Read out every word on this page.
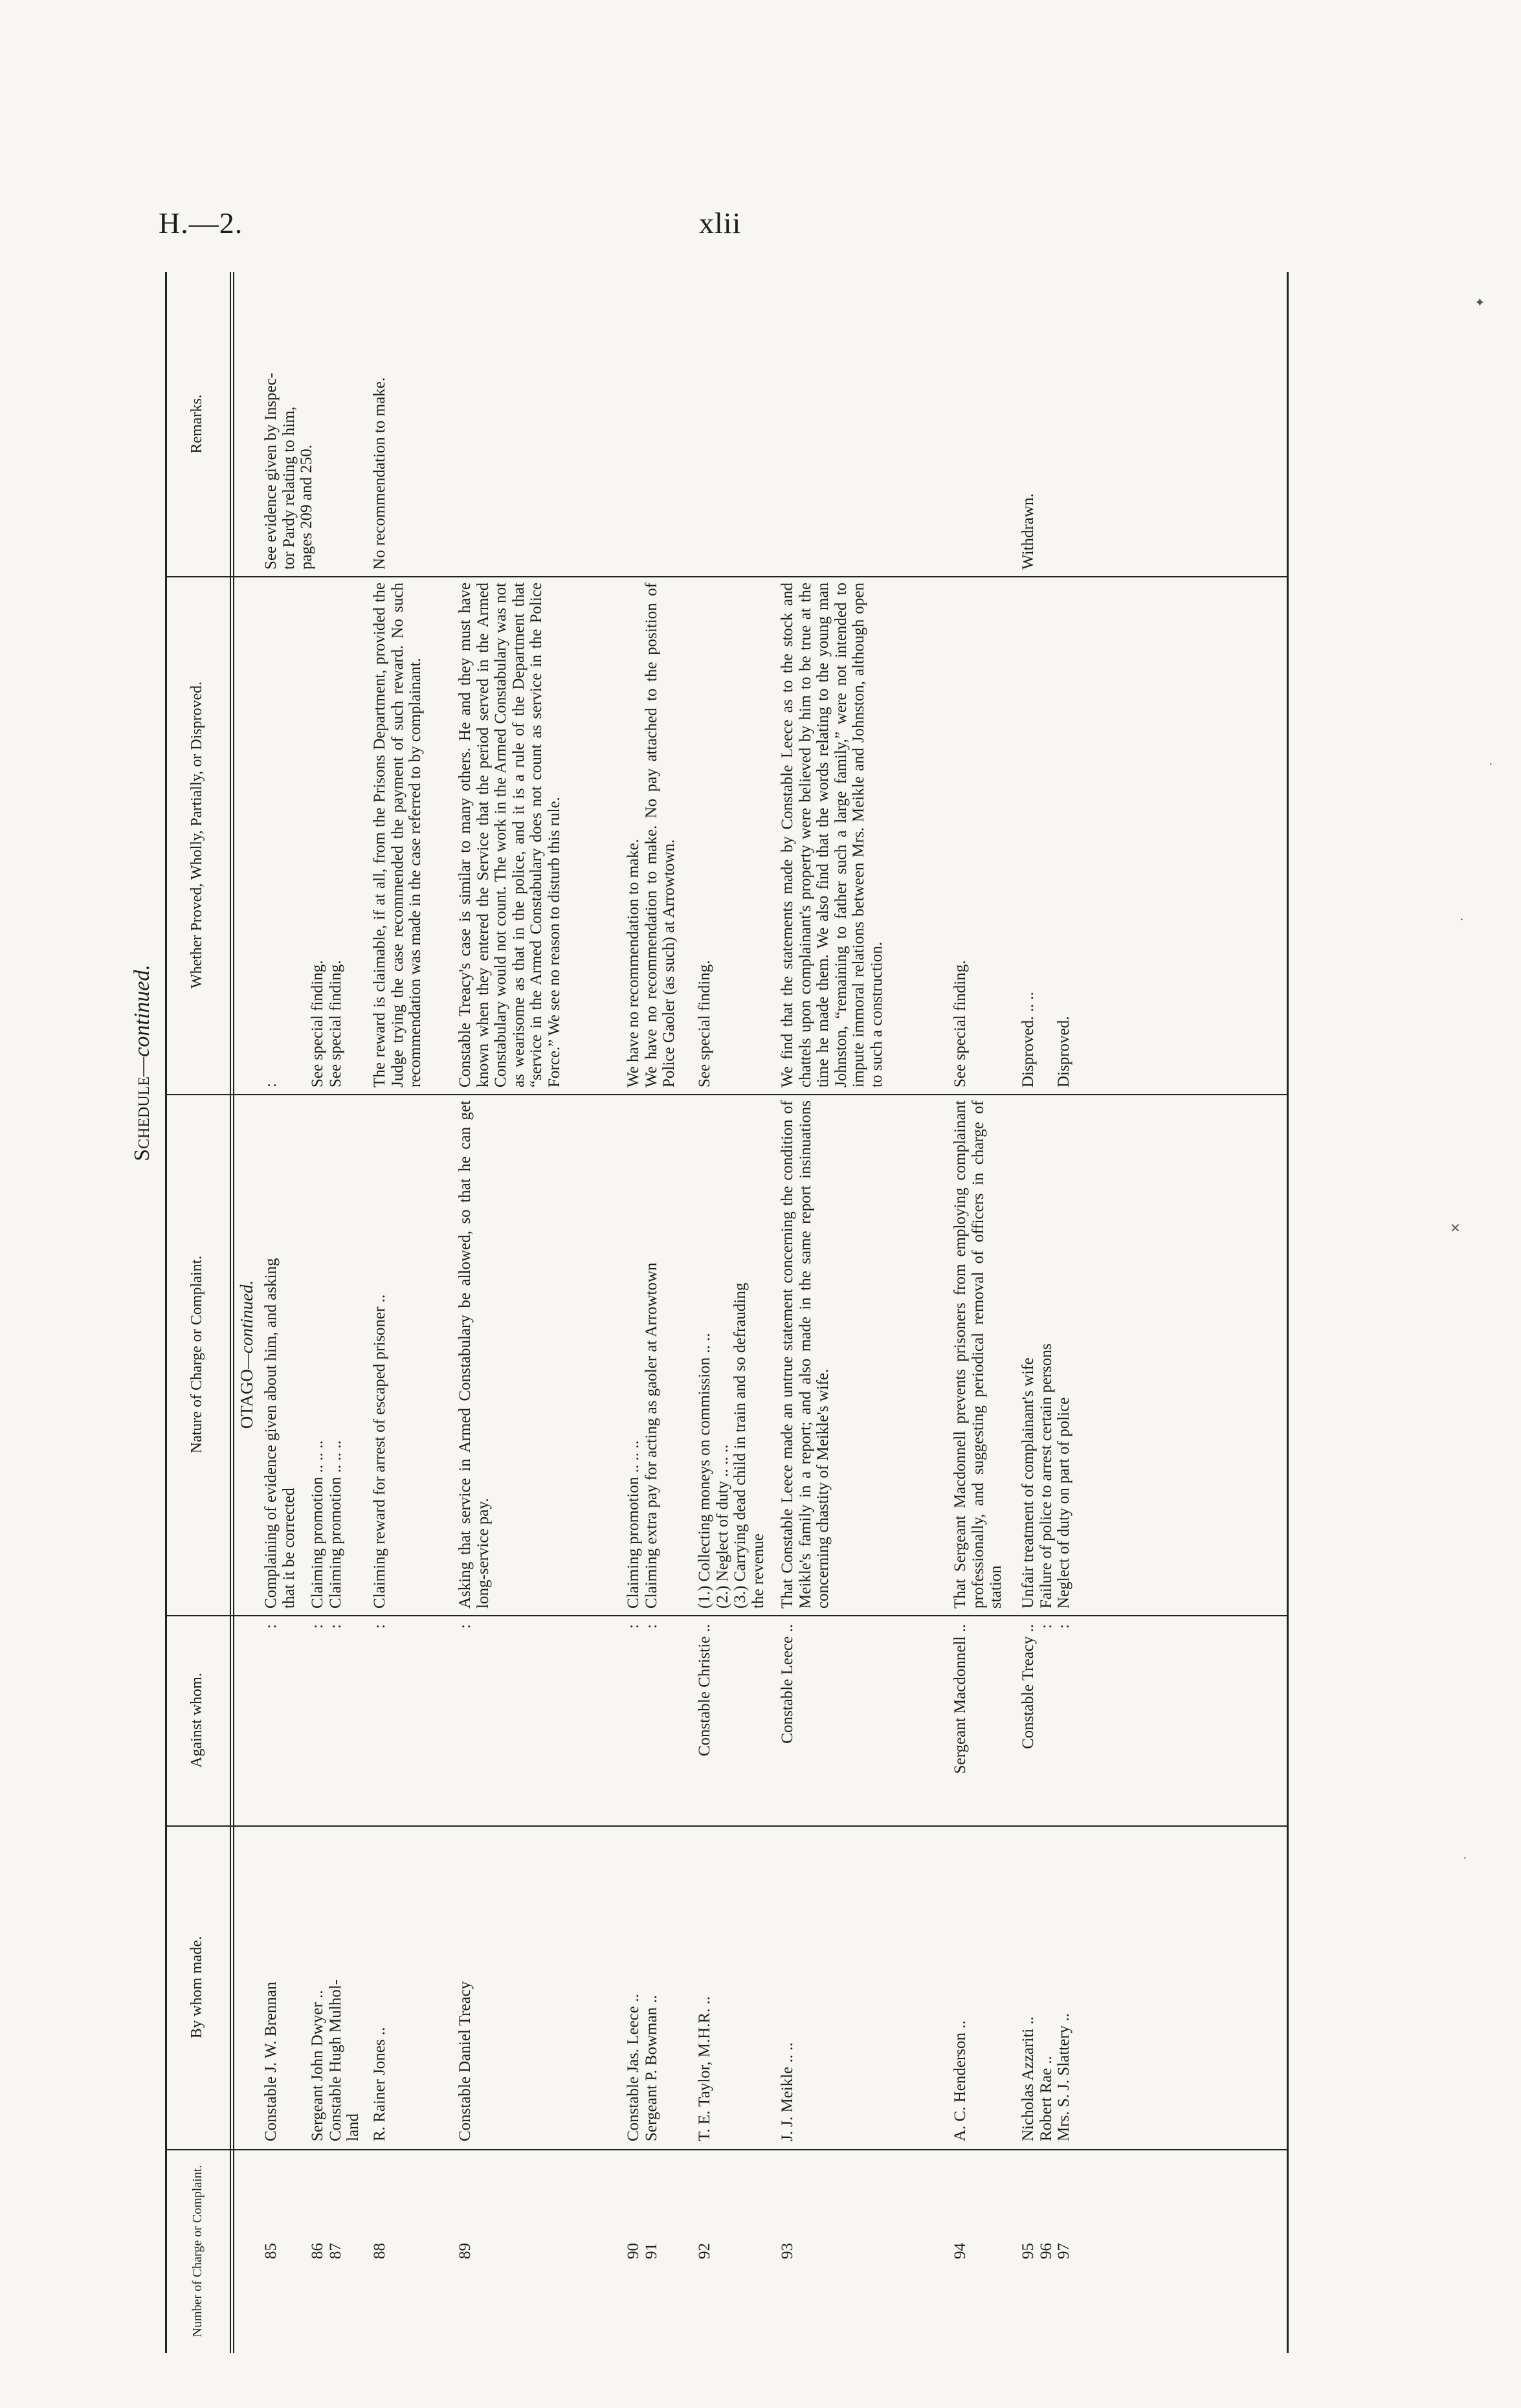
H.—2.	xlii
Schedule—continued.
Number of Charge or Complaint.
By whom made.
Against whom.
Nature of Charge or Complaint.
Whether Proved, Wholly, Partially, or Disproved.
Remarks.
OTAGO
—continued.
85
Constable J. W. Brennan
:
Complaining of evidence given about him, and asking
that it be corrected
:
See evidence given by Inspec-
tor Pardy relating to him,
pages 209 and 250.
86
87
Sergeant John Dwyer ..
Constable Hugh Mulhol-
land
:
:
Claiming promotion .. .. ..
Claiming promotion .. .. ..
See special finding.
See special finding.
88
R. Rainer Jones ..
:
Claiming reward for arrest of escaped prisoner ..
The reward is claimable, if at all, from the Prisons Department, provided the Judge trying the case recommended the payment of such reward. No such recommendation was made in the case referred to by complainant.
No recommendation to make.
89
Constable Daniel Treacy
:
Asking that service in Armed Constabulary be allowed, so that he can get long-service pay.
Constable Treacy's case is similar to many others. He and they must have known when they entered the Service that the period served in the Armed Constabulary would not count. The work in the Armed Constabulary was not as wearisome as that in the police, and it is a rule of the Department that “service in the Armed Constabulary does not count as service in the Police Force.” We see no reason to disturb this rule.
90
91
Constable Jas. Leece ..
Sergeant P. Bowman ..
:
:
Claiming promotion .. .. ..
Claiming extra pay for acting as gaoler at Arrowtown
We have no recommendation to make.
We have no recommendation to make. No pay attached to the position of Police Gaoler (as such) at Arrowtown.
92
T. E. Taylor, M.H.R. ..
Constable Christie ..
(1.) Collecting moneys on commission .. ..
(2.) Neglect of duty .. .. ..
(3.) Carrying dead child in train and so defrauding
the revenue
See special finding.
93
J. J. Meikle .. ..
Constable Leece ..
That Constable Leece made an untrue statement concerning the condition of Meikle's family in a report; and also made in the same report insinuations concerning chastity of Meikle's wife.
We find that the statements made by Constable Leece as to the stock and chattels upon complainant's property were believed by him to be true at the time he made them. We also find that the words relating to the young man Johnston, “remaining to father such a large family,” were not intended to impute immoral relations between Mrs. Meikle and Johnston, although open to such a construction.
94
A. C. Henderson ..
Sergeant Macdonnell ..
That Sergeant Macdonnell prevents prisoners from employing complainant professionally, and suggesting periodical removal of officers in charge of station
See special finding.
95
96
97
Nicholas Azzariti ..
Robert Rae ..
Mrs. S. J. Slattery ..
Constable Treacy ..
:
:
Unfair treatment of complainant's wife
Failure of police to arrest certain persons
Neglect of duty on part of police
Disproved. .. ..

Disproved.
Withdrawn.
✦
·
·
✕
·
